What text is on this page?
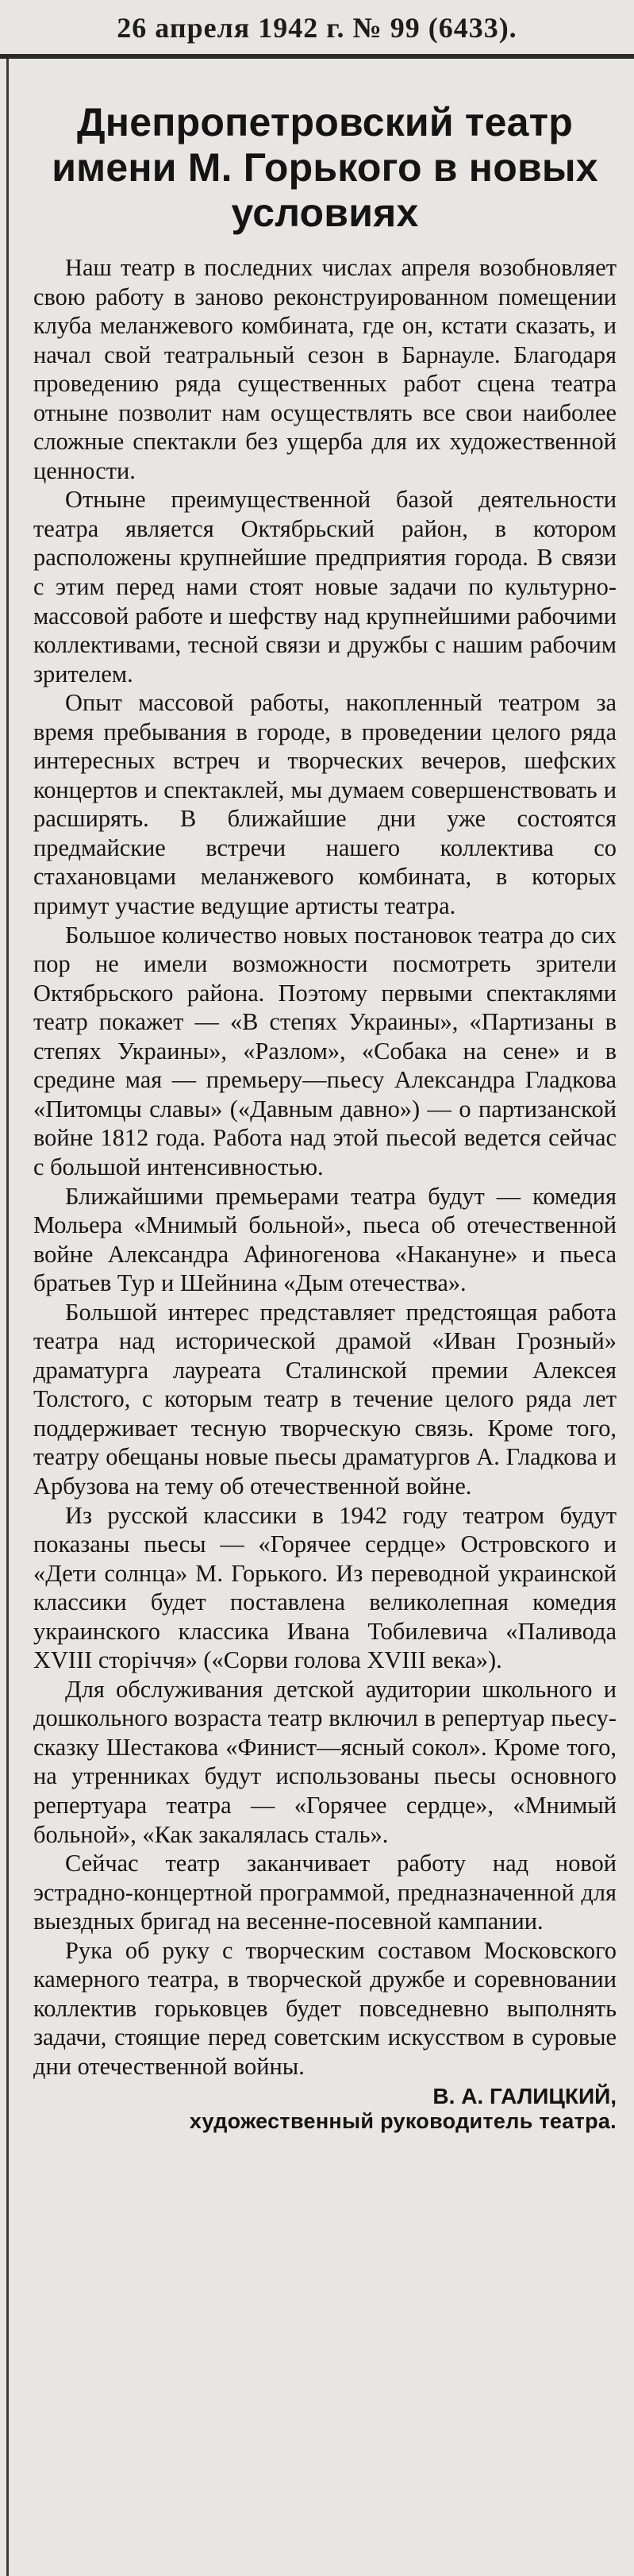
26 апреля 1942 г. № 99 (6433).
Днепропетровский театр имени М. Горького в новых условиях

Наш театр в последних числах апреля возобновляет свою работу в заново реконструированном помещении клуба меланжевого комбината, где он, кстати сказать, и начал свой театральный сезон в Барнауле. Благодаря проведению ряда существенных работ сцена театра отныне позволит нам осуществлять все свои наиболее сложные спектакли без ущерба для их художественной ценности.

Отныне преимущественной базой деятельности театра является Октябрьский район, в котором расположены крупнейшие предприятия города. В связи с этим перед нами стоят новые задачи по культурно-массовой работе и шефству над крупнейшими рабочими коллективами, тесной связи и дружбы с нашим рабочим зрителем.

Опыт массовой работы, накопленный театром за время пребывания в городе, в проведении целого ряда интересных встреч и творческих вечеров, шефских концертов и спектаклей, мы думаем совершенствовать и расширять. В ближайшие дни уже состоятся предмайские встречи нашего коллектива со стахановцами меланжевого комбината, в которых примут участие ведущие артисты театра.

Большое количество новых постановок театра до сих пор не имели возможности посмотреть зрители Октябрьского района. Поэтому первыми спектаклями театр покажет — «В степях Украины», «Партизаны в степях Украины», «Разлом», «Собака на сене» и в средине мая — премьеру—пьесу Александра Гладкова «Питомцы славы» («Давным давно») — о партизанской войне 1812 года. Работа над этой пьесой ведется сейчас с большой интенсивностью.

Ближайшими премьерами театра будут — комедия Мольера «Мнимый больной», пьеса об отечественной войне Александра Афиногенова «Накануне» и пьеса братьев Тур и Шейнина «Дым отечества».

Большой интерес представляет предстоящая работа театра над исторической драмой «Иван Грозный» драматурга лауреата Сталинской премии Алексея Толстого, с которым театр в течение целого ряда лет поддерживает тесную творческую связь. Кроме того, театру обещаны новые пьесы драматургов А. Гладкова и Арбузова на тему об отечественной войне.

Из русской классики в 1942 году театром будут показаны пьесы — «Горячее сердце» Островского и «Дети солнца» М. Горького. Из переводной украинской классики будет поставлена великолепная комедия украинского классика Ивана Тобилевича «Паливода XVIII сторiччя» («Сорви голова XVIII века»).

Для обслуживания детской аудитории школьного и дошкольного возраста театр включил в репертуар пьесу-сказку Шестакова «Финист—ясный сокол». Кроме того, на утренниках будут использованы пьесы основного репертуара театра — «Горячее сердце», «Мнимый больной», «Как закалялась сталь».

Сейчас театр заканчивает работу над новой эстрадно-концертной программой, предназначенной для выездных бригад на весенне-посевной кампании.

Рука об руку с творческим составом Московского камерного театра, в творческой дружбе и соревновании коллектив горьковцев будет повседневно выполнять задачи, стоящие перед советским искусством в суровые дни отечественной войны.

В. А. ГАЛИЦКИЙ,
художественный руководитель театра.
